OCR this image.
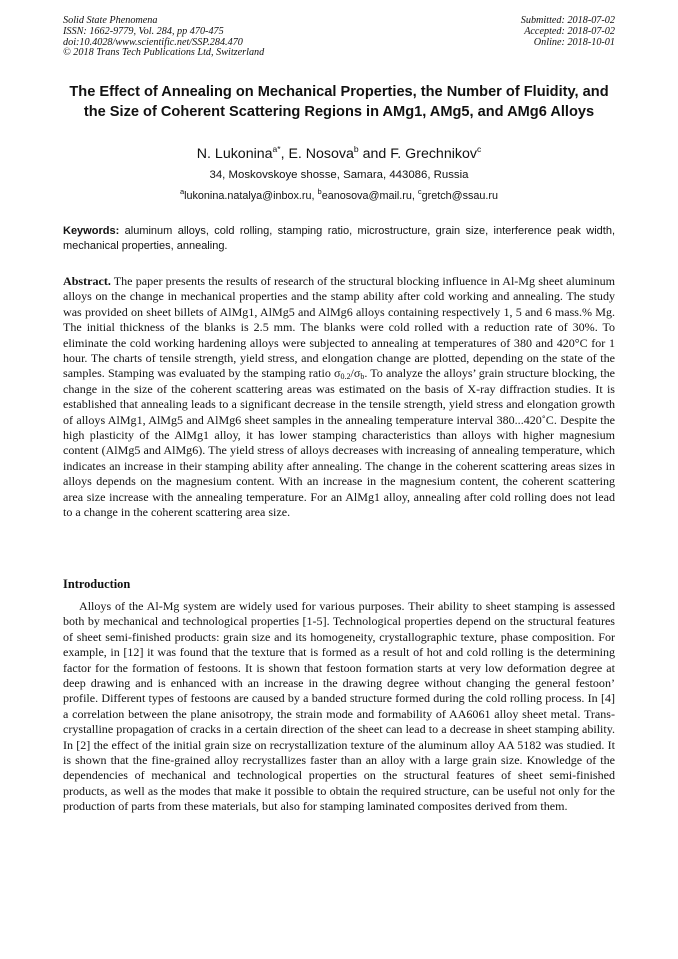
Solid State Phenomena
ISSN: 1662-9779, Vol. 284, pp 470-475
doi:10.4028/www.scientific.net/SSP.284.470
© 2018 Trans Tech Publications Ltd, Switzerland
Submitted: 2018-07-02
Accepted: 2018-07-02
Online: 2018-10-01
The Effect of Annealing on Mechanical Properties, the Number of Fluidity, and the Size of Coherent Scattering Regions in AMg1, AMg5, and AMg6 Alloys
N. Lukonina$^{a*}$, E. Nosova$^b$ and F. Grechnikov$^c$
34, Moskovskoye shosse, Samara, 443086, Russia
$^a$lukonina.natalya@inbox.ru, $^b$eanosova@mail.ru, $^c$gretch@ssau.ru
Keywords: aluminum alloys, cold rolling, stamping ratio, microstructure, grain size, interference peak width, mechanical properties, annealing.
Abstract. The paper presents the results of research of the structural blocking influence in Al-Mg sheet aluminum alloys on the change in mechanical properties and the stamp ability after cold working and annealing. The study was provided on sheet billets of AlMg1, AlMg5 and AlMg6 alloys containing respectively 1, 5 and 6 mass.% Mg. The initial thickness of the blanks is 2.5 mm. The blanks were cold rolled with a reduction rate of 30%. To eliminate the cold working hardening alloys were subjected to annealing at temperatures of 380 and 420°C for 1 hour. The charts of tensile strength, yield stress, and elongation change are plotted, depending on the state of the samples. Stamping was evaluated by the stamping ratio $\sigma_{0.2}/\sigma_b$. To analyze the alloys’ grain structure blocking, the change in the size of the coherent scattering areas was estimated on the basis of X-ray diffraction studies. It is established that annealing leads to a significant decrease in the tensile strength, yield stress and elongation growth of alloys AlMg1, AlMg5 and AlMg6 sheet samples in the annealing temperature interval 380...420˚C. Despite the high plasticity of the AlMg1 alloy, it has lower stamping characteristics than alloys with higher magnesium content (AlMg5 and AlMg6). The yield stress of alloys decreases with increasing of annealing temperature, which indicates an increase in their stamping ability after annealing. The change in the coherent scattering areas sizes in alloys depends on the magnesium content. With an increase in the magnesium content, the coherent scattering area size increase with the annealing temperature. For an AlMg1 alloy, annealing after cold rolling does not lead to a change in the coherent scattering area size.
Introduction
Alloys of the Al-Mg system are widely used for various purposes. Their ability to sheet stamping is assessed both by mechanical and technological properties [1-5]. Technological properties depend on the structural features of sheet semi-finished products: grain size and its homogeneity, crystallographic texture, phase composition. For example, in [12] it was found that the texture that is formed as a result of hot and cold rolling is the determining factor for the formation of festoons. It is shown that festoon formation starts at very low deformation degree at deep drawing and is enhanced with an increase in the drawing degree without changing the general festoon’ profile. Different types of festoons are caused by a banded structure formed during the cold rolling process. In [4] a correlation between the plane anisotropy, the strain mode and formability of AA6061 alloy sheet metal. Trans-crystalline propagation of cracks in a certain direction of the sheet can lead to a decrease in sheet stamping ability. In [2] the effect of the initial grain size on recrystallization texture of the aluminum alloy AA 5182 was studied. It is shown that the fine-grained alloy recrystallizes faster than an alloy with a large grain size. Knowledge of the dependencies of mechanical and technological properties on the structural features of sheet semi-finished products, as well as the modes that make it possible to obtain the required structure, can be useful not only for the production of parts from these materials, but also for stamping laminated composites derived from them.
